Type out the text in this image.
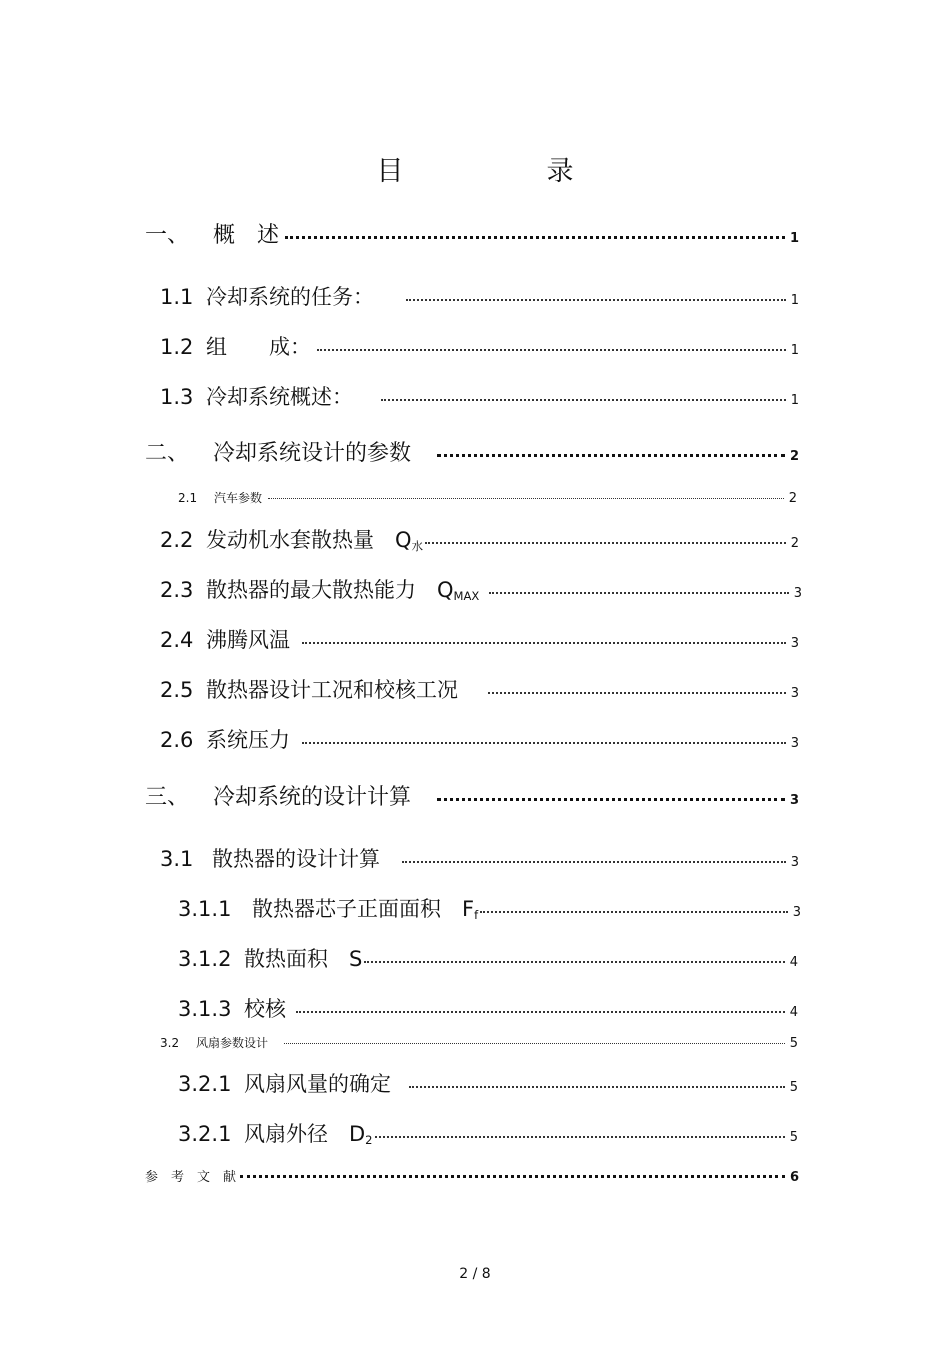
目　录
一、	概　述	1
1.1 冷却系统的任务：	1
1.2 组　　成：	1
1.3 冷却系统概述：	1
二、	冷却系统设计的参数	2
2.1	汽车参数	2
2.2 发动机水套散热量　Q 水	2
2.3 散热器的最大散热能力　Q MAX	3
2.4 沸腾风温	3
2.5 散热器设计工况和校核工况	3
2.6 系统压力	3
三、	冷却系统的设计计算	3
3.1 散热器的设计计算	3
3.1.1 散热器芯子正面面积　F f	3
3.1.2 散热面积　S	4
3.1.3 校核	4
3.2	风扇参数设计	5
3.2.1 风扇风量的确定	5
3.2.1 风扇外径　D 2	5
参　考　文　献	6
2 / 8
